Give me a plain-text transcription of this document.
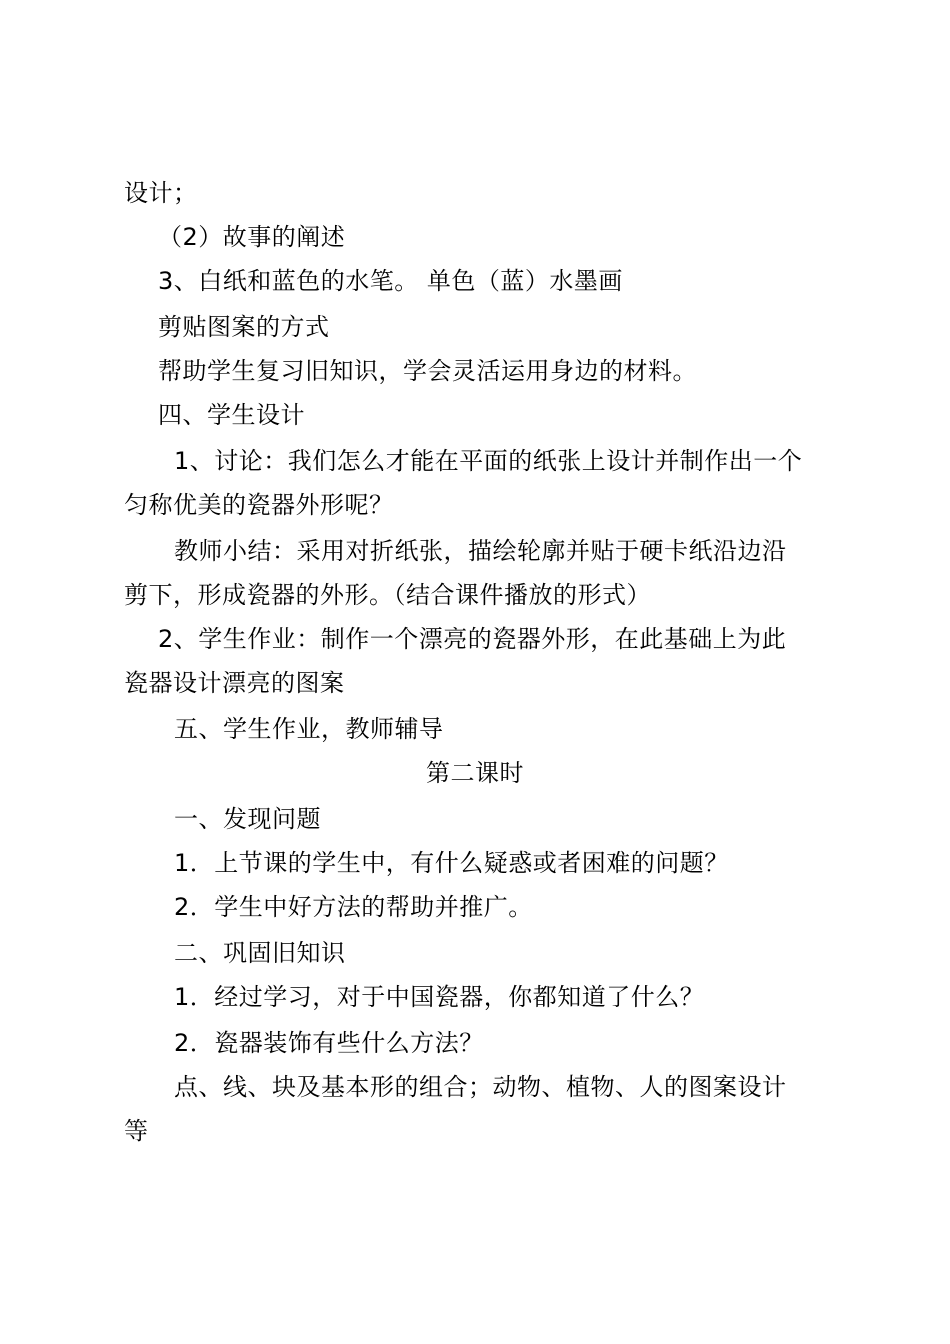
设计；
（2）故事的阐述
3、白纸和蓝色的水笔。 单色（蓝）水墨画
剪贴图案的方式
帮助学生复习旧知识，学会灵活运用身边的材料。
四、学生设计
1、讨论：我们怎么才能在平面的纸张上设计并制作出一个
匀称优美的瓷器外形呢？
教师小结：采用对折纸张，描绘轮廓并贴于硬卡纸沿边沿
剪下，形成瓷器的外形。（结合课件播放的形式）
2、学生作业：制作一个漂亮的瓷器外形，在此基础上为此
瓷器设计漂亮的图案
五、学生作业，教师辅导
第二课时
一、发现问题
1．上节课的学生中，有什么疑惑或者困难的问题？
2．学生中好方法的帮助并推广。
二、巩固旧知识
1．经过学习，对于中国瓷器，你都知道了什么？
2．瓷器装饰有些什么方法？
点、线、块及基本形的组合；动物、植物、人的图案设计
等
